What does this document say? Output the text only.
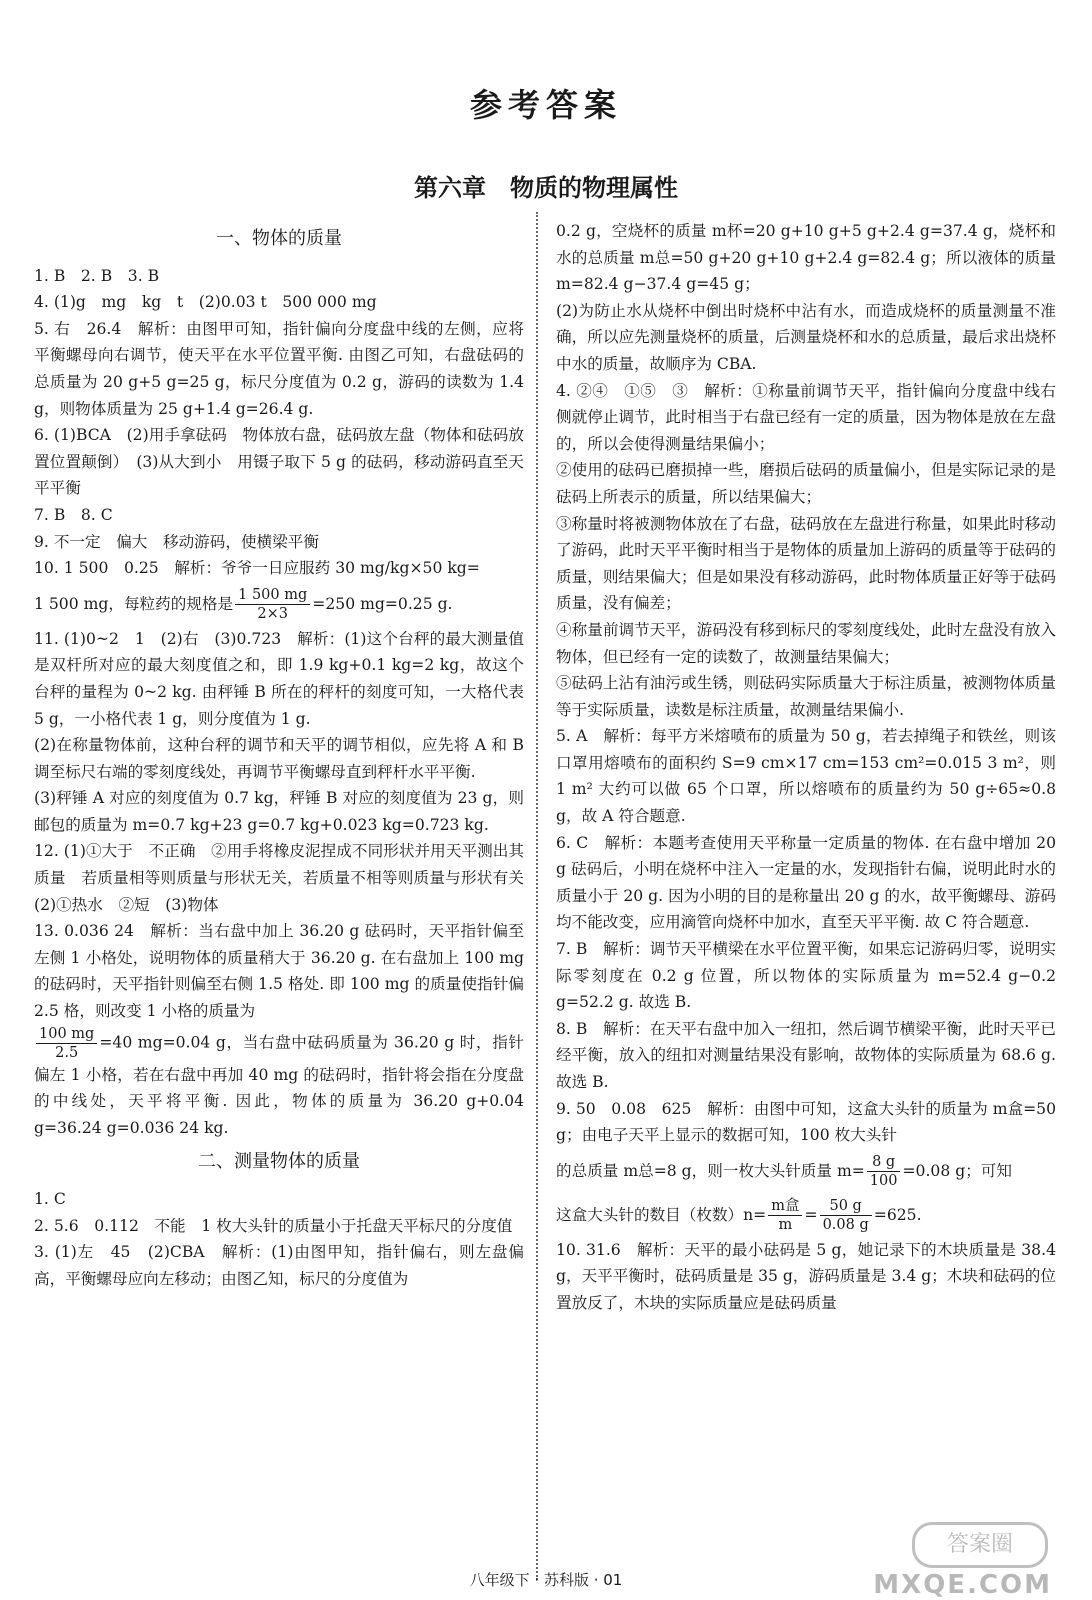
参考答案
第六章　物质的物理属性
一、物体的质量
1. B　2. B　3. B
4. (1)g　mg　kg　t　(2)0.03 t　500 000 mg
5. 右　26.4　解析：由图甲可知，指针偏向分度盘中线的左侧，应将平衡螺母向右调节，使天平在水平位置平衡. 由图乙可知，右盘砝码的总质量为 20 g+5 g=25 g，标尺分度值为 0.2 g，游码的读数为 1.4 g，则物体质量为 25 g+1.4 g=26.4 g.
6. (1)BCA　(2)用手拿砝码　物体放右盘，砝码放左盘（物体和砝码放置位置颠倒）　(3)从大到小　用镊子取下 5 g 的砝码，移动游码直至天平平衡
7. B　8. C
9. 不一定　偏大　移动游码，使横梁平衡
10. 1 500　0.25　解析：爷爷一日应服药 30 mg/kg×50 kg=
1 500 mg，每粒药的规格是 $\frac{1 500 mg}{2\times 3} =250$ mg=0.25 g.
11. (1)0~2　1　(2)右　(3)0.723　解析：(1)这个台秤的最大测量值是双杆所对应的最大刻度值之和，即 1.9 kg+0.1 kg=2 kg，故这个台秤的量程为 0~2 kg. 由秤锤 B 所在的秤杆的刻度可知，一大格代表 5 g，一小格代表 1 g，则分度值为 1 g.
(2)在称量物体前，这种台秤的调节和天平的调节相似，应先将 A 和 B 调至标尺右端的零刻度线处，再调节平衡螺母直到秤杆水平平衡.
(3)秤锤 A 对应的刻度值为 0.7 kg，秤锤 B 对应的刻度值为 23 g，则邮包的质量为 m=0.7 kg+23 g=0.7 kg+0.023 kg=0.723 kg.
12. (1)①大于　不正确　②用手将橡皮泥捏成不同形状并用天平测出其质量　若质量相等则质量与形状无关，若质量不相等则质量与形状有关　(2)①热水　②短　(3)物体
13. 0.036 24　解析：当右盘中加上 36.20 g 砝码时，天平指针偏至左侧 1 小格处，说明物体的质量稍大于 36.20 g. 在右盘加上 100 mg 的砝码时，天平指针则偏至右侧 1.5 格处. 即 100 mg 的质量使指针偏 2.5 格，则改变 1 小格的质量为
$\frac{100 mg}{2.5} =40$ mg=0.04 g，当右盘中砝码质量为 36.20 g 时，指针偏左 1 小格，若在右盘中再加 40 mg 的砝码时，指针将会指在分度盘的中线处，天平将平衡. 因此，物体的质量为 36.20 g+0.04 g=36.24 g=0.036 24 kg.
二、测量物体的质量
1. C
2. 5.6　0.112　不能　1 枚大头针的质量小于托盘天平标尺的分度值
3. (1)左　45　(2)CBA　解析：(1)由图甲知，指针偏右，则左盘偏高，平衡螺母应向左移动；由图乙知，标尺的分度值为
0.2 g，空烧杯的质量 m杯=20 g+10 g+5 g+2.4 g=37.4 g，烧杯和水的总质量 m总=50 g+20 g+10 g+2.4 g=82.4 g；所以液体的质量 m=82.4 g−37.4 g=45 g；
(2)为防止水从烧杯中倒出时烧杯中沾有水，而造成烧杯的质量测量不准确，所以应先测量烧杯的质量，后测量烧杯和水的总质量，最后求出烧杯中水的质量，故顺序为 CBA.
4. ②④　①⑤　③　解析：①称量前调节天平，指针偏向分度盘中线右侧就停止调节，此时相当于右盘已经有一定的质量，因为物体是放在左盘的，所以会使得测量结果偏小；
②使用的砝码已磨损掉一些，磨损后砝码的质量偏小，但是实际记录的是砝码上所表示的质量，所以结果偏大；
③称量时将被测物体放在了右盘，砝码放在左盘进行称量，如果此时移动了游码，此时天平平衡时相当于是物体的质量加上游码的质量等于砝码的质量，则结果偏大；但是如果没有移动游码，此时物体质量正好等于砝码质量，没有偏差；
④称量前调节天平，游码没有移到标尺的零刻度线处，此时左盘没有放入物体，但已经有一定的读数了，故测量结果偏大；
⑤砝码上沾有油污或生锈，则砝码实际质量大于标注质量，被测物体质量等于实际质量，读数是标注质量，故测量结果偏小.
5. A　解析：每平方米熔喷布的质量为 50 g，若去掉绳子和铁丝，则该口罩用熔喷布的面积约 S=9 cm×17 cm=153 cm²=0.015 3 m²，则 1 m² 大约可以做 65 个口罩，所以熔喷布的质量约为 50 g÷65≈0.8 g，故 A 符合题意.
6. C　解析：本题考查使用天平称量一定质量的物体. 在右盘中增加 20 g 砝码后，小明在烧杯中注入一定量的水，发现指针右偏，说明此时水的质量小于 20 g. 因为小明的目的是称量出 20 g 的水，故平衡螺母、游码均不能改变，应用滴管向烧杯中加水，直至天平平衡. 故 C 符合题意.
7. B　解析：调节天平横梁在水平位置平衡，如果忘记游码归零，说明实际零刻度在 0.2 g 位置，所以物体的实际质量为 m=52.4 g−0.2 g=52.2 g. 故选 B.
8. B　解析：在天平右盘中加入一纽扣，然后调节横梁平衡，此时天平已经平衡，放入的纽扣对测量结果没有影响，故物体的实际质量为 68.6 g. 故选 B.
9. 50　0.08　625　解析：由图中可知，这盒大头针的质量为 m盒=50 g；由电子天平上显示的数据可知，100 枚大头针
的总质量 m总=8 g，则一枚大头针质量 $m= \frac{8 g}{100} =0.08$ g；可知
这盒大头针的数目（枚数）$n= \frac{\text{m盒}}{m} = \frac{50 g}{0.08 g} =625$.
10. 31.6　解析：天平的最小砝码是 5 g，她记录下的木块质量是 38.4 g，天平平衡时，砝码质量是 35 g，游码质量是 3.4 g；木块和砝码的位置放反了，木块的实际质量应是砝码质量
八年级下 · 苏科版 · 01
答案圈
MXQE.COM
